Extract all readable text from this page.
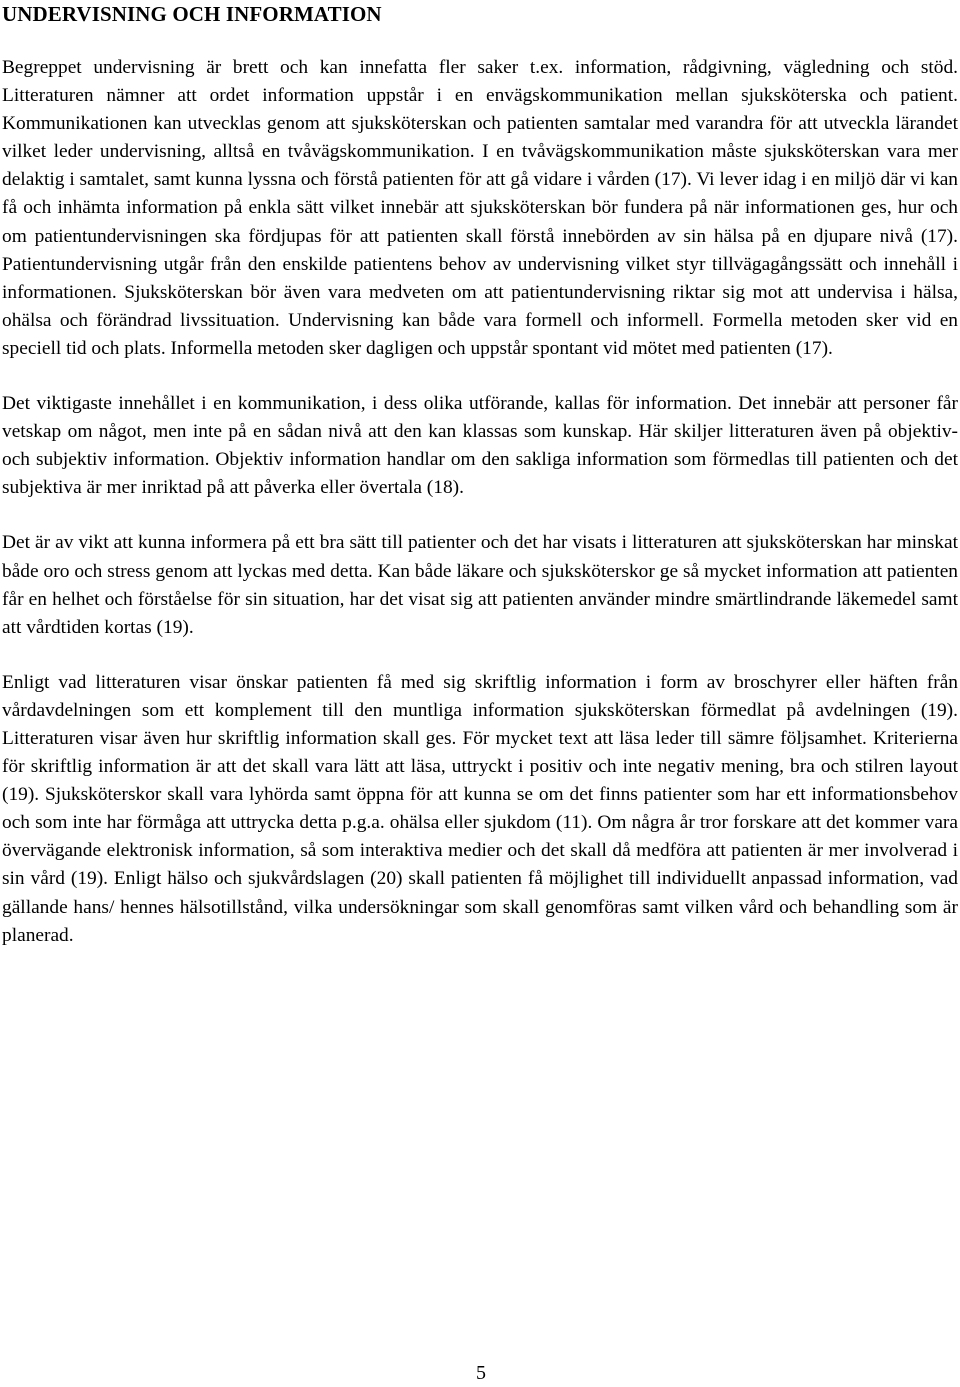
UNDERVISNING OCH INFORMATION

Begreppet undervisning är brett och kan innefatta fler saker t.ex. information, rådgivning, vägledning och stöd. Litteraturen nämner att ordet information uppstår i en envägskommunikation mellan sjuksköterska och patient. Kommunikationen kan utvecklas genom att sjuksköterskan och patienten samtalar med varandra för att utveckla lärandet vilket leder undervisning, alltså en tvåvägskommunikation. I en tvåvägskommunikation måste sjuksköterskan vara mer delaktig i samtalet, samt kunna lyssna och förstå patienten för att gå vidare i vården (17). Vi lever idag i en miljö där vi kan få och inhämta information på enkla sätt vilket innebär att sjuksköterskan bör fundera på när informationen ges, hur och om patientundervisningen ska fördjupas för att patienten skall förstå innebörden av sin hälsa på en djupare nivå (17). Patientundervisning utgår från den enskilde patientens behov av undervisning vilket styr tillvägagångssätt och innehåll i informationen. Sjuksköterskan bör även vara medveten om att patientundervisning riktar sig mot att undervisa i hälsa, ohälsa och förändrad livssituation. Undervisning kan både vara formell och informell. Formella metoden sker vid en speciell tid och plats. Informella metoden sker dagligen och uppstår spontant vid mötet med patienten (17).

Det viktigaste innehållet i en kommunikation, i dess olika utförande, kallas för information. Det innebär att personer får vetskap om något, men inte på en sådan nivå att den kan klassas som kunskap. Här skiljer litteraturen även på objektiv- och subjektiv information. Objektiv information handlar om den sakliga information som förmedlas till patienten och det subjektiva är mer inriktad på att påverka eller övertala (18).

Det är av vikt att kunna informera på ett bra sätt till patienter och det har visats i litteraturen att sjuksköterskan har minskat både oro och stress genom att lyckas med detta. Kan både läkare och sjuksköterskor ge så mycket information att patienten får en helhet och förståelse för sin situation, har det visat sig att patienten använder mindre smärtlindrande läkemedel samt att vårdtiden kortas (19).

Enligt vad litteraturen visar önskar patienten få med sig skriftlig information i form av broschyrer eller häften från vårdavdelningen som ett komplement till den muntliga information sjuksköterskan förmedlat på avdelningen (19). Litteraturen visar även hur skriftlig information skall ges. För mycket text att läsa leder till sämre följsamhet. Kriterierna för skriftlig information är att det skall vara lätt att läsa, uttryckt i positiv och inte negativ mening, bra och stilren layout (19). Sjuksköterskor skall vara lyhörda samt öppna för att kunna se om det finns patienter som har ett informationsbehov och som inte har förmåga att uttrycka detta p.g.a. ohälsa eller sjukdom (11). Om några år tror forskare att det kommer vara övervägande elektronisk information, så som interaktiva medier och det skall då medföra att patienten är mer involverad i sin vård (19). Enligt hälso och sjukvårdslagen (20) skall patienten få möjlighet till individuellt anpassad information, vad gällande hans/ hennes hälsotillstånd, vilka undersökningar som skall genomföras samt vilken vård och behandling som är planerad.

5
